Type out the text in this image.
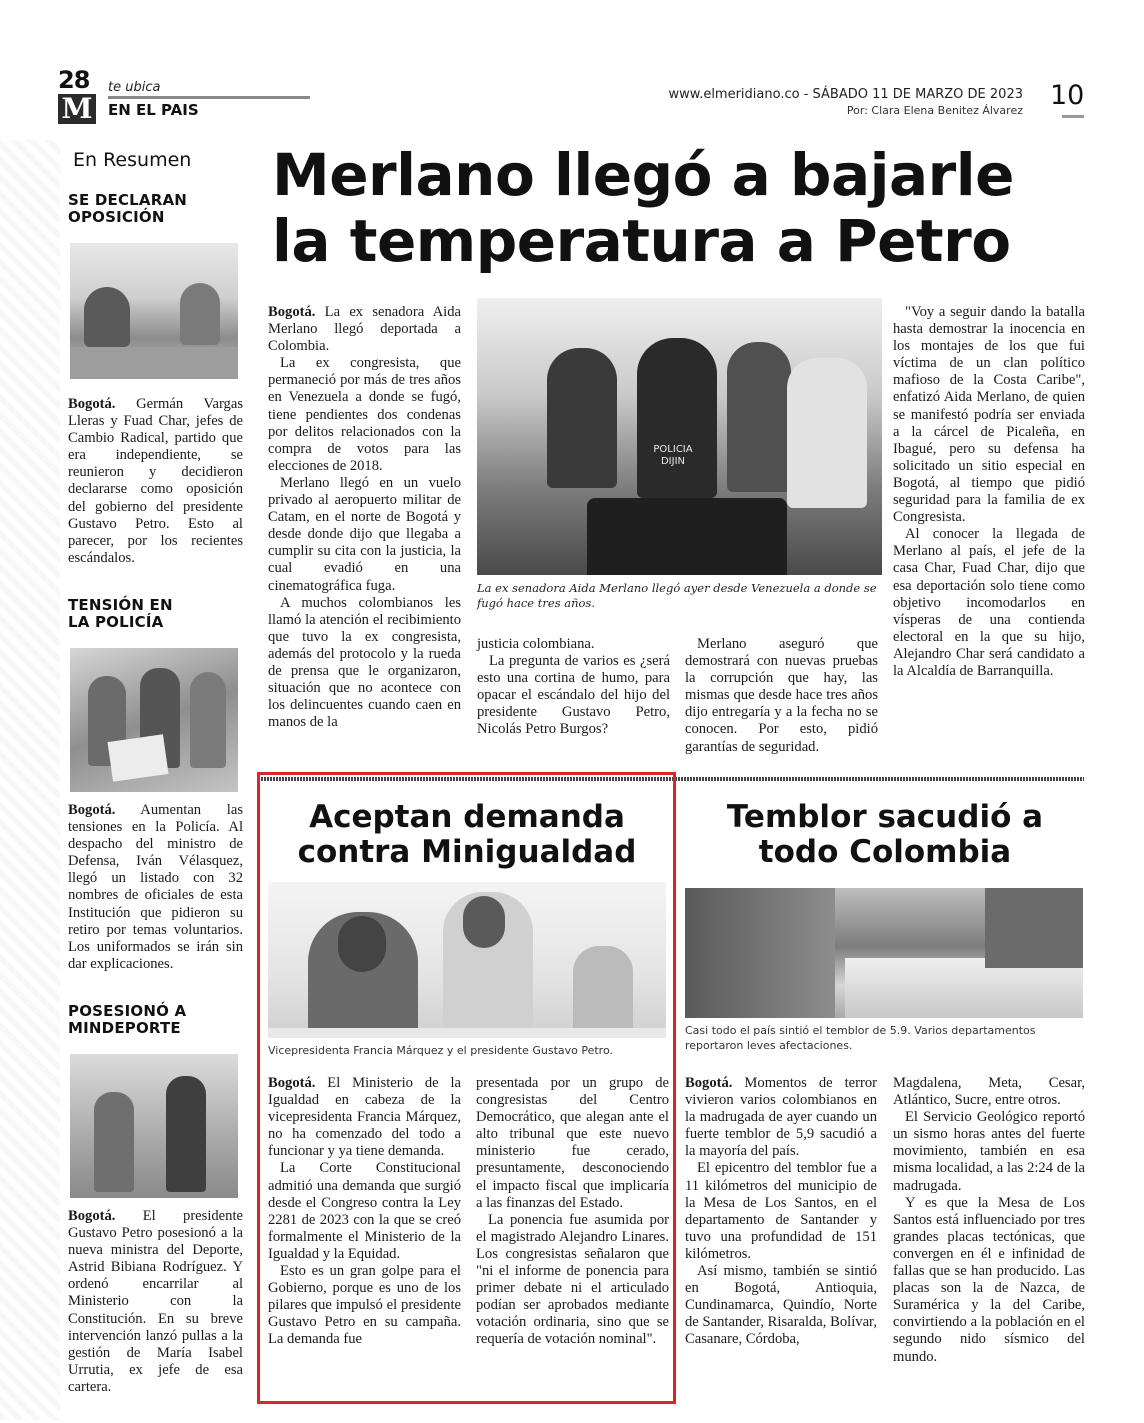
28
M
te ubica
EN EL PAIS
www.elmeridiano.co - SÁBADO 11 DE MARZO DE 2023
Por: Clara Elena Benitez Álvarez 10
En Resumen
SE DECLARAN OPOSICIÓN

Bogotá. Germán Vargas Lleras y Fuad Char, jefes de Cambio Radical, partido que era independiente, se reunieron y decidieron declararse como oposición del gobierno del presidente Gustavo Petro. Esto al parecer, por los recientes escándalos.

TENSIÓN EN LA POLICÍA

Bogotá. Aumentan las tensiones en la Policía. Al despacho del ministro de Defensa, Iván Vélasquez, llegó un listado con 32 nombres de oficiales de esta Institución que pidieron su retiro por temas voluntarios. Los uniformados se irán sin dar explicaciones.

POSESIONÓ A MINDEPORTE

Bogotá. El presidente Gustavo Petro posesionó a la nueva ministra del Deporte, Astrid Bibiana Rodríguez. Y ordenó encarrilar al Ministerio con la Constitución. En su breve intervención lanzó pullas a la gestión de María Isabel Urrutia, ex jefe de esa cartera.

Merlano llegó a bajarle
la temperatura a Petro

Bogotá. La ex senadora Aida Merlano llegó deportada a Colombia.

La ex congresista, que permaneció por más de tres años en Venezuela a donde se fugó, tiene pendientes dos condenas por delitos relacionados con la compra de votos para las elecciones de 2018.

Merlano llegó en un vuelo privado al aeropuerto militar de Catam, en el norte de Bogotá y desde donde dijo que llegaba a cumplir su cita con la justicia, la cual evadió en una cinematográfica fuga.

A muchos colombianos les llamó la atención el recibimiento que tuvo la ex congresista, además del protocolo y la rueda de prensa que le organizaron, situación que no acontece con los delincuentes cuando caen en manos de la

POLICIA DIJIN
La ex senadora Aida Merlano llegó ayer desde Venezuela a donde se fugó hace tres años.

justicia colombiana.

La pregunta de varios es ¿será esto una cortina de humo, para opacar el escándalo del hijo del presidente Gustavo Petro, Nicolás Petro Burgos?

Merlano aseguró que demostrará con nuevas pruebas la corrupción que hay, las mismas que desde hace tres años dijo entregaría y a la fecha no se conocen. Por esto, pidió garantías de seguridad.

"Voy a seguir dando la batalla hasta demostrar la inocencia en los montajes de los que fui víctima de un clan político mafioso de la Costa Caribe", enfatizó Aida Merlano, de quien se manifestó podría ser enviada a la cárcel de Picaleña, en Ibagué, pero su defensa ha solicitado un sitio especial en Bogotá, al tiempo que pidió seguridad para la familia de ex Congresista.

Al conocer la llegada de Merlano al país, el jefe de la casa Char, Fuad Char, dijo que esa deportación solo tiene como objetivo incomodarlos en vísperas de una contienda electoral en la que su hijo, Alejandro Char será candidato a la Alcaldía de Barranquilla.

Aceptan demanda
contra Minigualdad
Vicepresidenta Francia Márquez y el presidente Gustavo Petro.

Bogotá. El Ministerio de la Igualdad en cabeza de la vicepresidenta Francia Márquez, no ha comenzado del todo a funcionar y ya tiene demanda.

La Corte Constitucional admitió una demanda que surgió desde el Congreso contra la Ley 2281 de 2023 con la que se creó formalmente el Ministerio de la Igualdad y la Equidad.

Esto es un gran golpe para el Gobierno, porque es uno de los pilares que impulsó el presidente Gustavo Petro en su campaña. La demanda fue

presentada por un grupo de congresistas del Centro Democrático, que alegan ante el alto tribunal que este nuevo ministerio fue cerado, presuntamente, desconociendo el impacto fiscal que implicaría a las finanzas del Estado.

La ponencia fue asumida por el magistrado Alejandro Linares. Los congresistas señalaron que "ni el informe de ponencia para primer debate ni el articulado podían ser aprobados mediante votación ordinaria, sino que se requería de votación nominal".

Temblor sacudió a
todo Colombia
Casi todo el país sintió el temblor de 5.9. Varios departamentos reportaron leves afectaciones.

Bogotá. Momentos de terror vivieron varios colombianos en la madrugada de ayer cuando un fuerte temblor de 5,9 sacudió a la mayoría del país.

El epicentro del temblor fue a 11 kilómetros del municipio de la Mesa de Los Santos, en el departamento de Santander y tuvo una profundidad de 151 kilómetros.

Así mismo, también se sintió en Bogotá, Antioquia, Cundinamarca, Quindío, Norte de Santander, Risaralda, Bolívar, Casanare, Córdoba,

Magdalena, Meta, Cesar, Atlántico, Sucre, entre otros.

El Servicio Geológico reportó un sismo horas antes del fuerte movimiento, también en esa misma localidad, a las 2:24 de la madrugada.

Y es que la Mesa de Los Santos está influenciado por tres grandes placas tectónicas, que convergen en él e infinidad de fallas que se han producido. Las placas son la de Nazca, de Suramérica y la del Caribe, convirtiendo a la población en el segundo nido sísmico del mundo.
